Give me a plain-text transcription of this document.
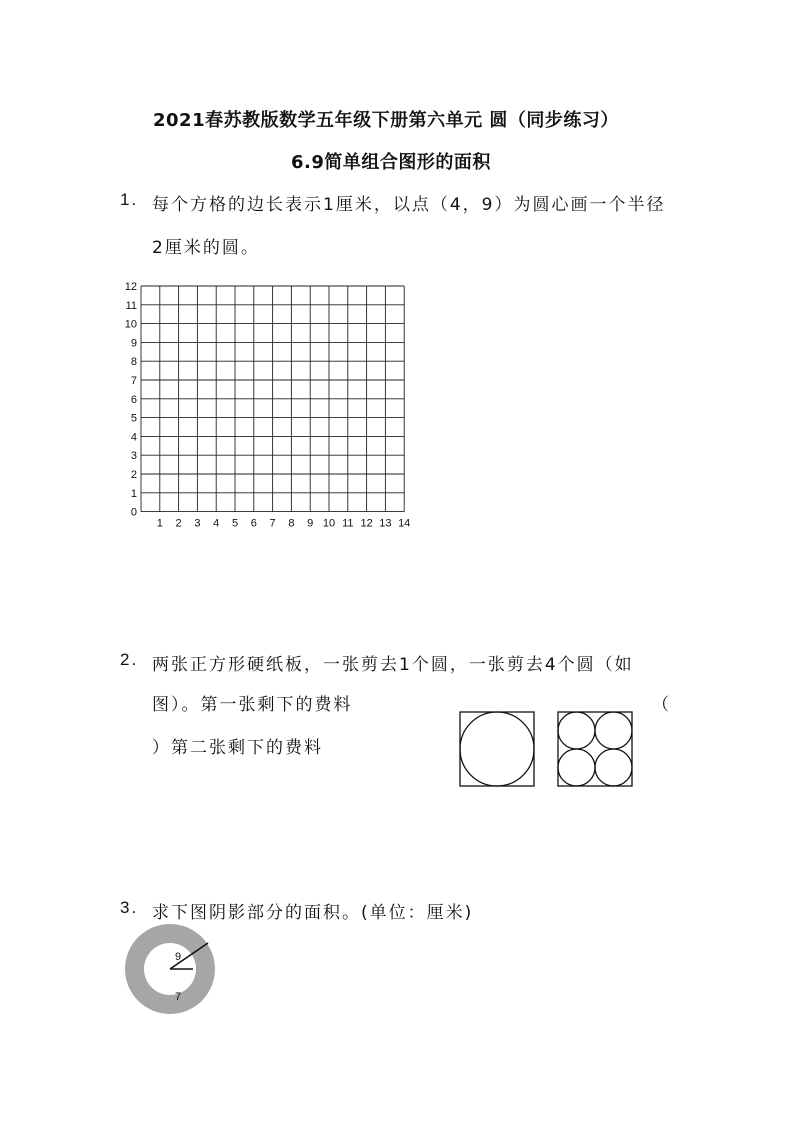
2021春苏教版数学五年级下册第六单元 圆（同步练习）
6.9简单组合图形的面积
1. 每个方格的边长表示1厘米，以点（4，9）为圆心画一个半径
2厘米的圆。
0
1
2
3
4
5
6
7
8
9
10
11
12
1 2 3 4 5 6 7 8 9 10 11 12 13 14
2. 两张正方形硬纸板，一张剪去1个圆，一张剪去4个圆（如
图）。第一张剩下的费料	（
）第二张剩下的费料
3. 求下图阴影部分的面积。(单位：厘米)
9
7
